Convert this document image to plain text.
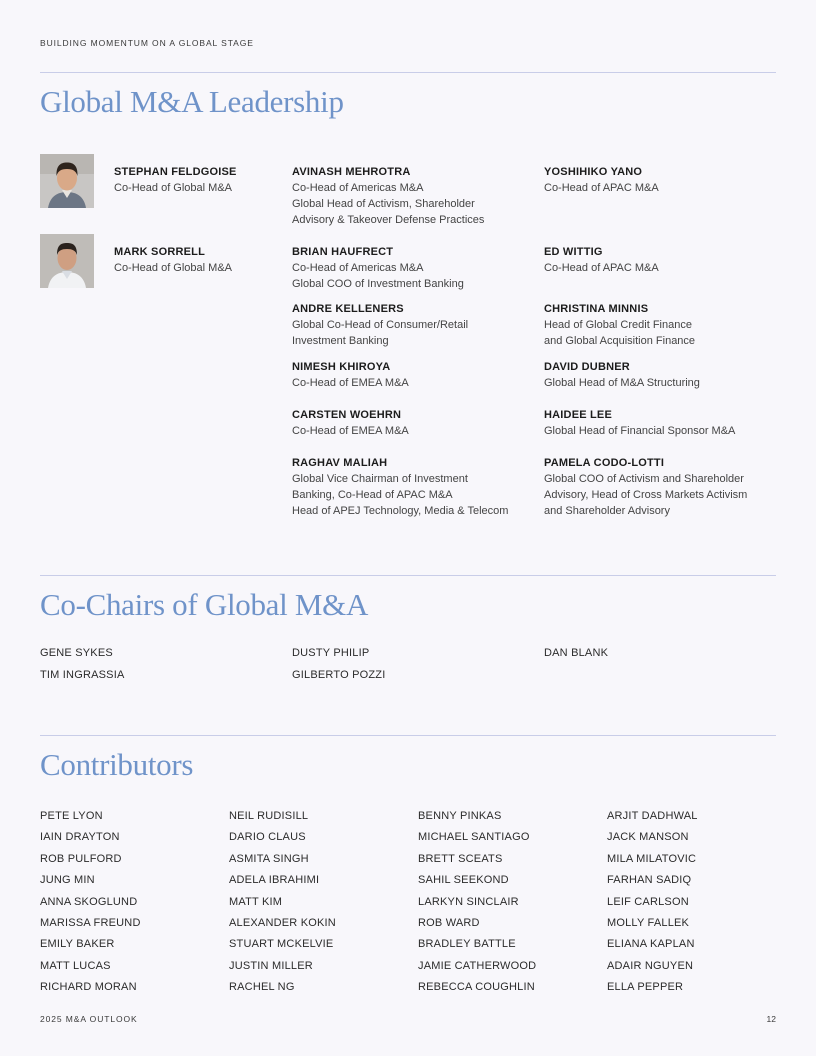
BUILDING MOMENTUM ON A GLOBAL STAGE
Global M&A Leadership
STEPHAN FELDGOISE
Co-Head of Global M&A
MARK SORRELL
Co-Head of Global M&A
AVINASH MEHROTRA
Co-Head of Americas M&A
Global Head of Activism, Shareholder
Advisory & Takeover Defense Practices
BRIAN HAUFRECT
Co-Head of Americas M&A
Global COO of Investment Banking
ANDRE KELLENERS
Global Co-Head of Consumer/Retail
Investment Banking
NIMESH KHIROYA
Co-Head of EMEA M&A
CARSTEN WOEHRN
Co-Head of EMEA M&A
RAGHAV MALIAH
Global Vice Chairman of Investment
Banking, Co-Head of APAC M&A
Head of APEJ Technology, Media & Telecom
YOSHIHIKO YANO
Co-Head of APAC M&A
ED WITTIG
Co-Head of APAC M&A
CHRISTINA MINNIS
Head of Global Credit Finance
and Global Acquisition Finance
DAVID DUBNER
Global Head of M&A Structuring
HAIDEE LEE
Global Head of Financial Sponsor M&A
PAMELA CODO-LOTTI
Global COO of Activism and Shareholder
Advisory, Head of Cross Markets Activism
and Shareholder Advisory
Co-Chairs of Global M&A
GENE SYKES
TIM INGRASSIA
DUSTY PHILIP
GILBERTO POZZI
DAN BLANK
Contributors
PETE LYON
IAIN DRAYTON
ROB PULFORD
JUNG MIN
ANNA SKOGLUND
MARISSA FREUND
EMILY BAKER
MATT LUCAS
RICHARD MORAN
NEIL RUDISILL
DARIO CLAUS
ASMITA SINGH
ADELA IBRAHIMI
MATT KIM
ALEXANDER KOKIN
STUART MCKELVIE
JUSTIN MILLER
RACHEL NG
BENNY PINKAS
MICHAEL SANTIAGO
BRETT SCEATS
SAHIL SEEKOND
LARKYN SINCLAIR
ROB WARD
BRADLEY BATTLE
JAMIE CATHERWOOD
REBECCA COUGHLIN
ARJIT DADHWAL
JACK MANSON
MILA MILATOVIC
FARHAN SADIQ
LEIF CARLSON
MOLLY FALLEK
ELIANA KAPLAN
ADAIR NGUYEN
ELLA PEPPER
2025 M&A OUTLOOK	12
